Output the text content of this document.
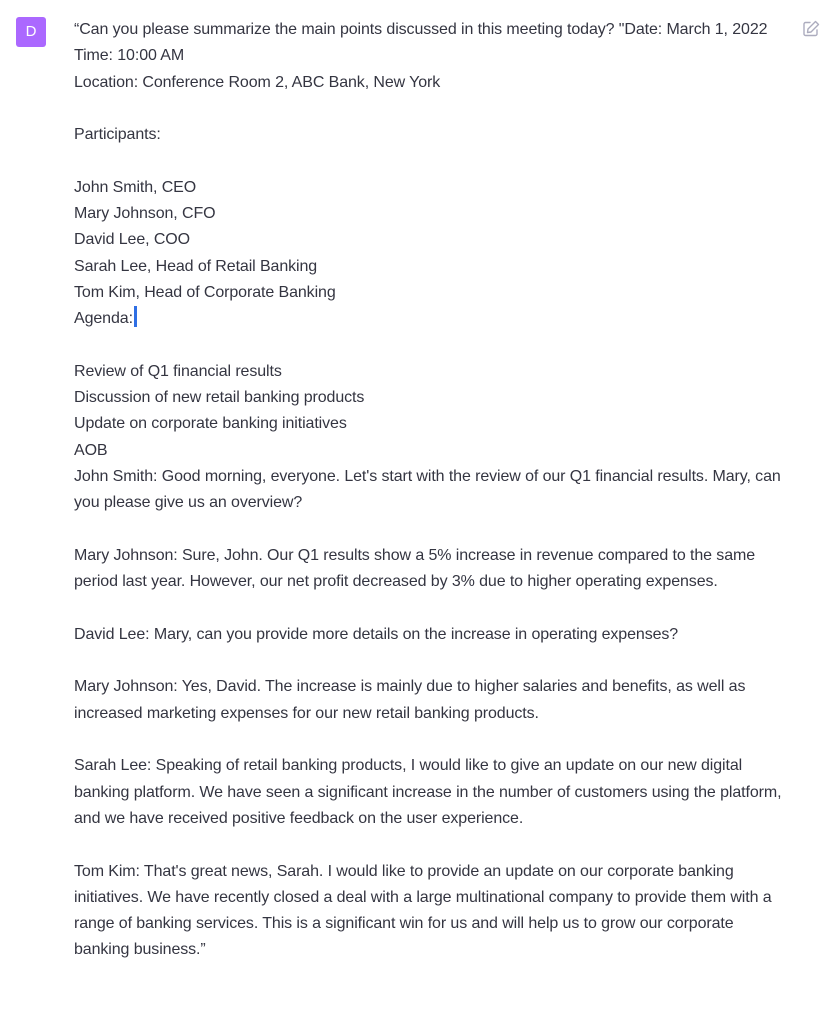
D	“Can you please summarize the main points discussed in this meeting today? "Date: March 1, 2022
Time: 10:00 AM
Location: Conference Room 2, ABC Bank, New York

Participants:

John Smith, CEO
Mary Johnson, CFO
David Lee, COO
Sarah Lee, Head of Retail Banking
Tom Kim, Head of Corporate Banking
Agenda:

Review of Q1 financial results
Discussion of new retail banking products
Update on corporate banking initiatives
AOB
John Smith: Good morning, everyone. Let's start with the review of our Q1 financial results. Mary, can you please give us an overview?

Mary Johnson: Sure, John. Our Q1 results show a 5% increase in revenue compared to the same period last year. However, our net profit decreased by 3% due to higher operating expenses.

David Lee: Mary, can you provide more details on the increase in operating expenses?

Mary Johnson: Yes, David. The increase is mainly due to higher salaries and benefits, as well as increased marketing expenses for our new retail banking products.

Sarah Lee: Speaking of retail banking products, I would like to give an update on our new digital banking platform. We have seen a significant increase in the number of customers using the platform, and we have received positive feedback on the user experience.

Tom Kim: That's great news, Sarah. I would like to provide an update on our corporate banking initiatives. We have recently closed a deal with a large multinational company to provide them with a range of banking services. This is a significant win for us and will help us to grow our corporate banking business.”
